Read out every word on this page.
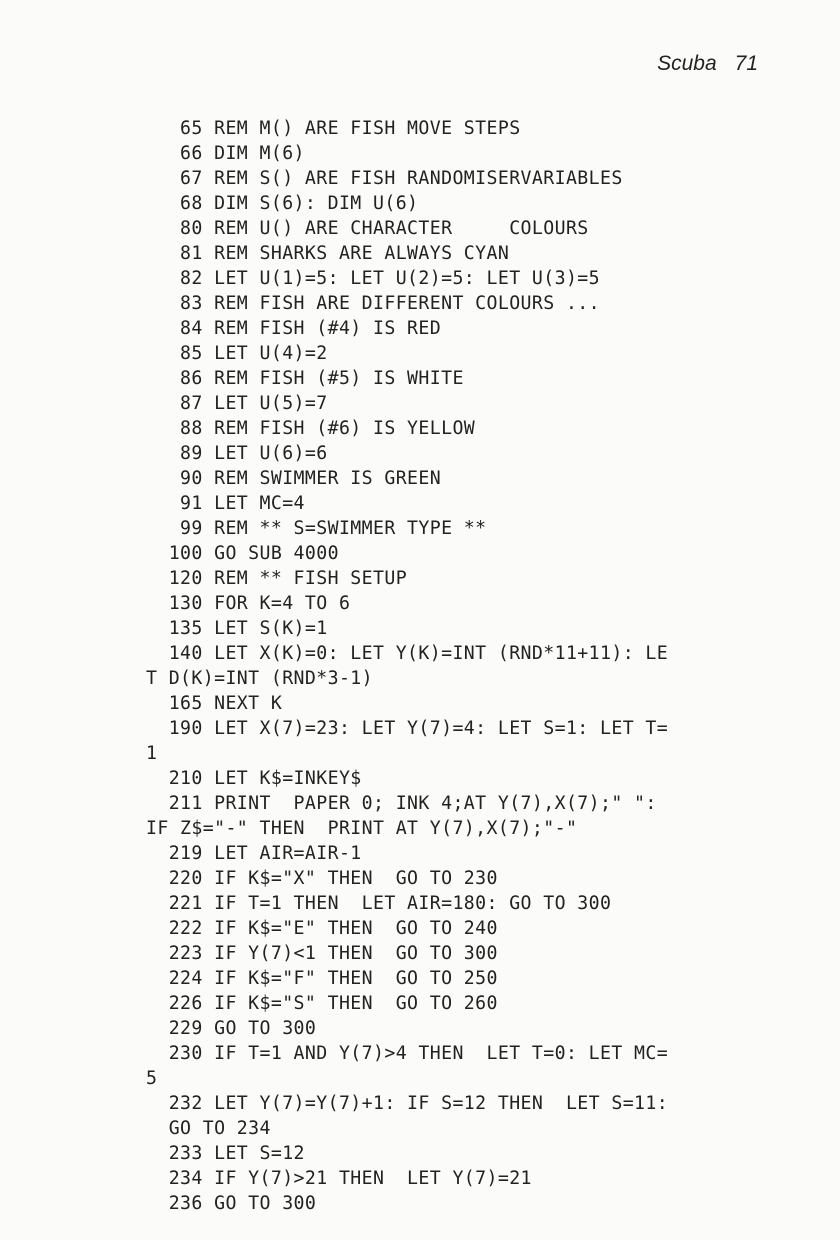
Scuba 71
65 REM M() ARE FISH MOVE STEPS
66 DIM M(6)
67 REM S() ARE FISH RANDOMISERVARIABLES
68 DIM S(6): DIM U(6)
80 REM U() ARE CHARACTER     COLOURS
81 REM SHARKS ARE ALWAYS CYAN
82 LET U(1)=5: LET U(2)=5: LET U(3)=5
83 REM FISH ARE DIFFERENT COLOURS ...
84 REM FISH (#4) IS RED
85 LET U(4)=2
86 REM FISH (#5) IS WHITE
87 LET U(5)=7
88 REM FISH (#6) IS YELLOW
89 LET U(6)=6
90 REM SWIMMER IS GREEN
91 LET MC=4
99 REM ** S=SWIMMER TYPE **
100 GO SUB 4000
120 REM ** FISH SETUP
130 FOR K=4 TO 6
135 LET S(K)=1
140 LET X(K)=0: LET Y(K)=INT (RND*11+11): LE
T D(K)=INT (RND*3-1)
165 NEXT K
190 LET X(7)=23: LET Y(7)=4: LET S=1: LET T=
1
210 LET K$=INKEY$
211 PRINT  PAPER 0; INK 4;AT Y(7),X(7);" ":
IF Z$="-" THEN  PRINT AT Y(7),X(7);"-"
219 LET AIR=AIR-1
220 IF K$="X" THEN  GO TO 230
221 IF T=1 THEN  LET AIR=180: GO TO 300
222 IF K$="E" THEN  GO TO 240
223 IF Y(7)<1 THEN  GO TO 300
224 IF K$="F" THEN  GO TO 250
226 IF K$="S" THEN  GO TO 260
229 GO TO 300
230 IF T=1 AND Y(7)>4 THEN  LET T=0: LET MC=
5
232 LET Y(7)=Y(7)+1: IF S=12 THEN  LET S=11:
GO TO 234
233 LET S=12
234 IF Y(7)>21 THEN  LET Y(7)=21
236 GO TO 300
